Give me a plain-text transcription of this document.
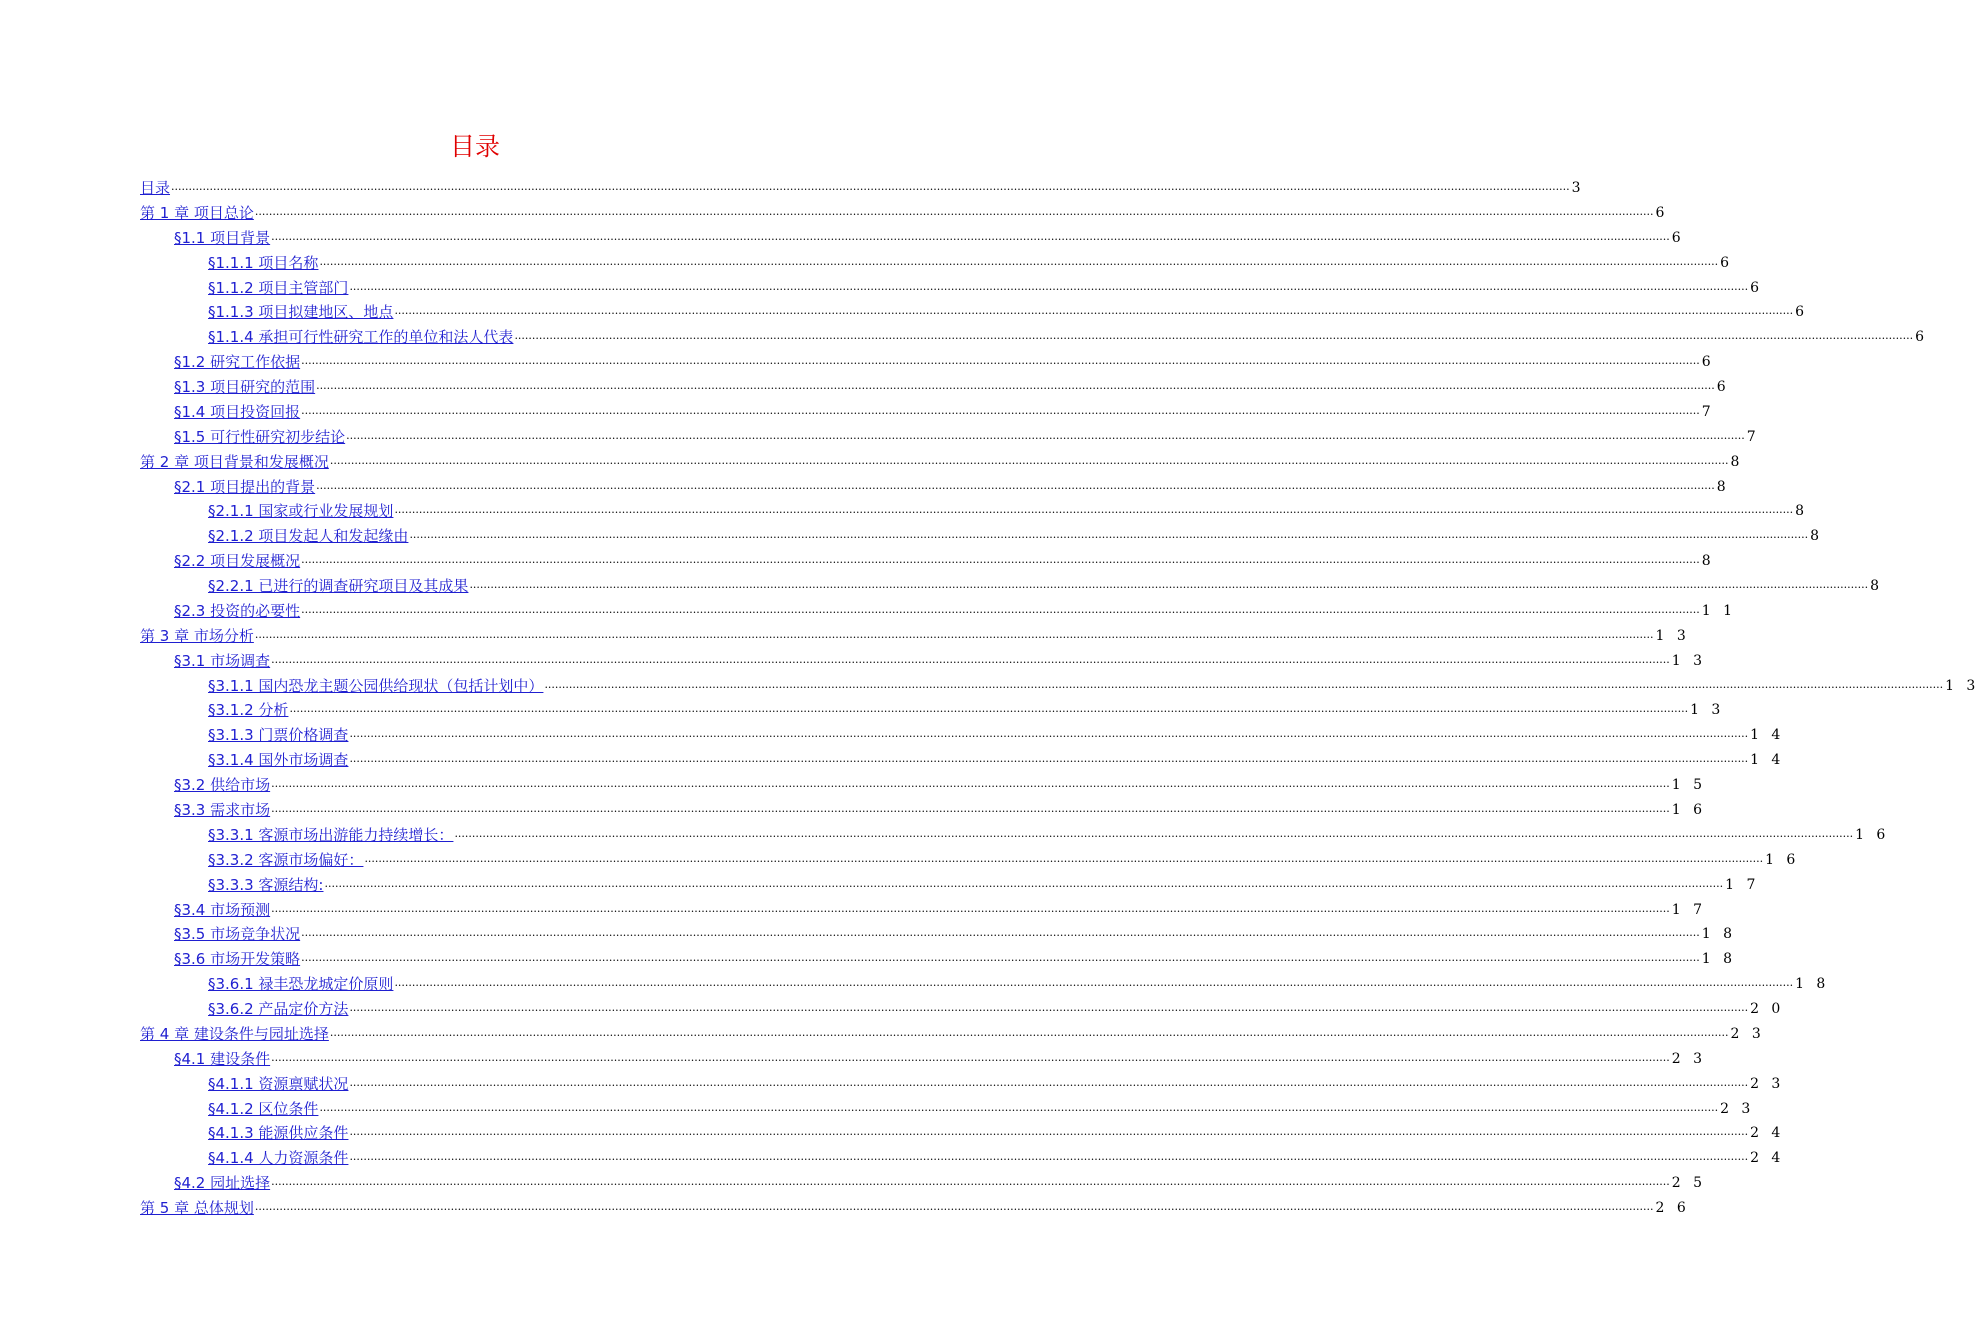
目录
目录 ................................................................................................................................................................................................................................................................................................................................................................................................................ 3
第 1 章 项目总论 ................................................................................................................................................................................................................................................................................................................................................................................................................ 6
§1.1 项目背景 ................................................................................................................................................................................................................................................................................................................................................................................................................ 6
§1.1.1 项目名称 ................................................................................................................................................................................................................................................................................................................................................................................................................ 6
§1.1.2 项目主管部门 ................................................................................................................................................................................................................................................................................................................................................................................................................ 6
§1.1.3 项目拟建地区、地点 ................................................................................................................................................................................................................................................................................................................................................................................................................ 6
§1.1.4 承担可行性研究工作的单位和法人代表 ................................................................................................................................................................................................................................................................................................................................................................................................................ 6
§1.2 研究工作依据 ................................................................................................................................................................................................................................................................................................................................................................................................................ 6
§1.3 项目研究的范围 ................................................................................................................................................................................................................................................................................................................................................................................................................ 6
§1.4 项目投资回报 ................................................................................................................................................................................................................................................................................................................................................................................................................ 7
§1.5 可行性研究初步结论 ................................................................................................................................................................................................................................................................................................................................................................................................................ 7
第 2 章 项目背景和发展概况 ................................................................................................................................................................................................................................................................................................................................................................................................................ 8
§2.1 项目提出的背景 ................................................................................................................................................................................................................................................................................................................................................................................................................ 8
§2.1.1 国家或行业发展规划 ................................................................................................................................................................................................................................................................................................................................................................................................................ 8
§2.1.2 项目发起人和发起缘由 ................................................................................................................................................................................................................................................................................................................................................................................................................ 8
§2.2 项目发展概况 ................................................................................................................................................................................................................................................................................................................................................................................................................ 8
§2.2.1 已进行的调查研究项目及其成果 ................................................................................................................................................................................................................................................................................................................................................................................................................ 8
§2.3 投资的必要性 ................................................................................................................................................................................................................................................................................................................................................................................................................ 1 1
第 3 章 市场分析 ................................................................................................................................................................................................................................................................................................................................................................................................................ 1 3
§3.1 市场调查 ................................................................................................................................................................................................................................................................................................................................................................................................................ 1 3
§3.1.1 国内恐龙主题公园供给现状（包括计划中） ................................................................................................................................................................................................................................................................................................................................................................................................................ 1 3
§3.1.2 分析 ................................................................................................................................................................................................................................................................................................................................................................................................................ 1 3
§3.1.3 门票价格调查 ................................................................................................................................................................................................................................................................................................................................................................................................................ 1 4
§3.1.4 国外市场调查 ................................................................................................................................................................................................................................................................................................................................................................................................................ 1 4
§3.2 供给市场 ................................................................................................................................................................................................................................................................................................................................................................................................................ 1 5
§3.3 需求市场 ................................................................................................................................................................................................................................................................................................................................................................................................................ 1 6
§3.3.1 客源市场出游能力持续增长： ................................................................................................................................................................................................................................................................................................................................................................................................................ 1 6
§3.3.2 客源市场偏好： ................................................................................................................................................................................................................................................................................................................................................................................................................ 1 6
§3.3.3 客源结构: ................................................................................................................................................................................................................................................................................................................................................................................................................ 1 7
§3.4 市场预测 ................................................................................................................................................................................................................................................................................................................................................................................................................ 1 7
§3.5 市场竞争状况 ................................................................................................................................................................................................................................................................................................................................................................................................................ 1 8
§3.6 市场开发策略 ................................................................................................................................................................................................................................................................................................................................................................................................................ 1 8
§3.6.1 禄丰恐龙城定价原则 ................................................................................................................................................................................................................................................................................................................................................................................................................ 1 8
§3.6.2 产品定价方法 ................................................................................................................................................................................................................................................................................................................................................................................................................ 2 0
第 4 章 建设条件与园址选择 ................................................................................................................................................................................................................................................................................................................................................................................................................ 2 3
§4.1 建设条件 ................................................................................................................................................................................................................................................................................................................................................................................................................ 2 3
§4.1.1 资源禀赋状况 ................................................................................................................................................................................................................................................................................................................................................................................................................ 2 3
§4.1.2 区位条件 ................................................................................................................................................................................................................................................................................................................................................................................................................ 2 3
§4.1.3 能源供应条件 ................................................................................................................................................................................................................................................................................................................................................................................................................ 2 4
§4.1.4 人力资源条件 ................................................................................................................................................................................................................................................................................................................................................................................................................ 2 4
§4.2 园址选择 ................................................................................................................................................................................................................................................................................................................................................................................................................ 2 5
第 5 章 总体规划 ................................................................................................................................................................................................................................................................................................................................................................................................................ 2 6
